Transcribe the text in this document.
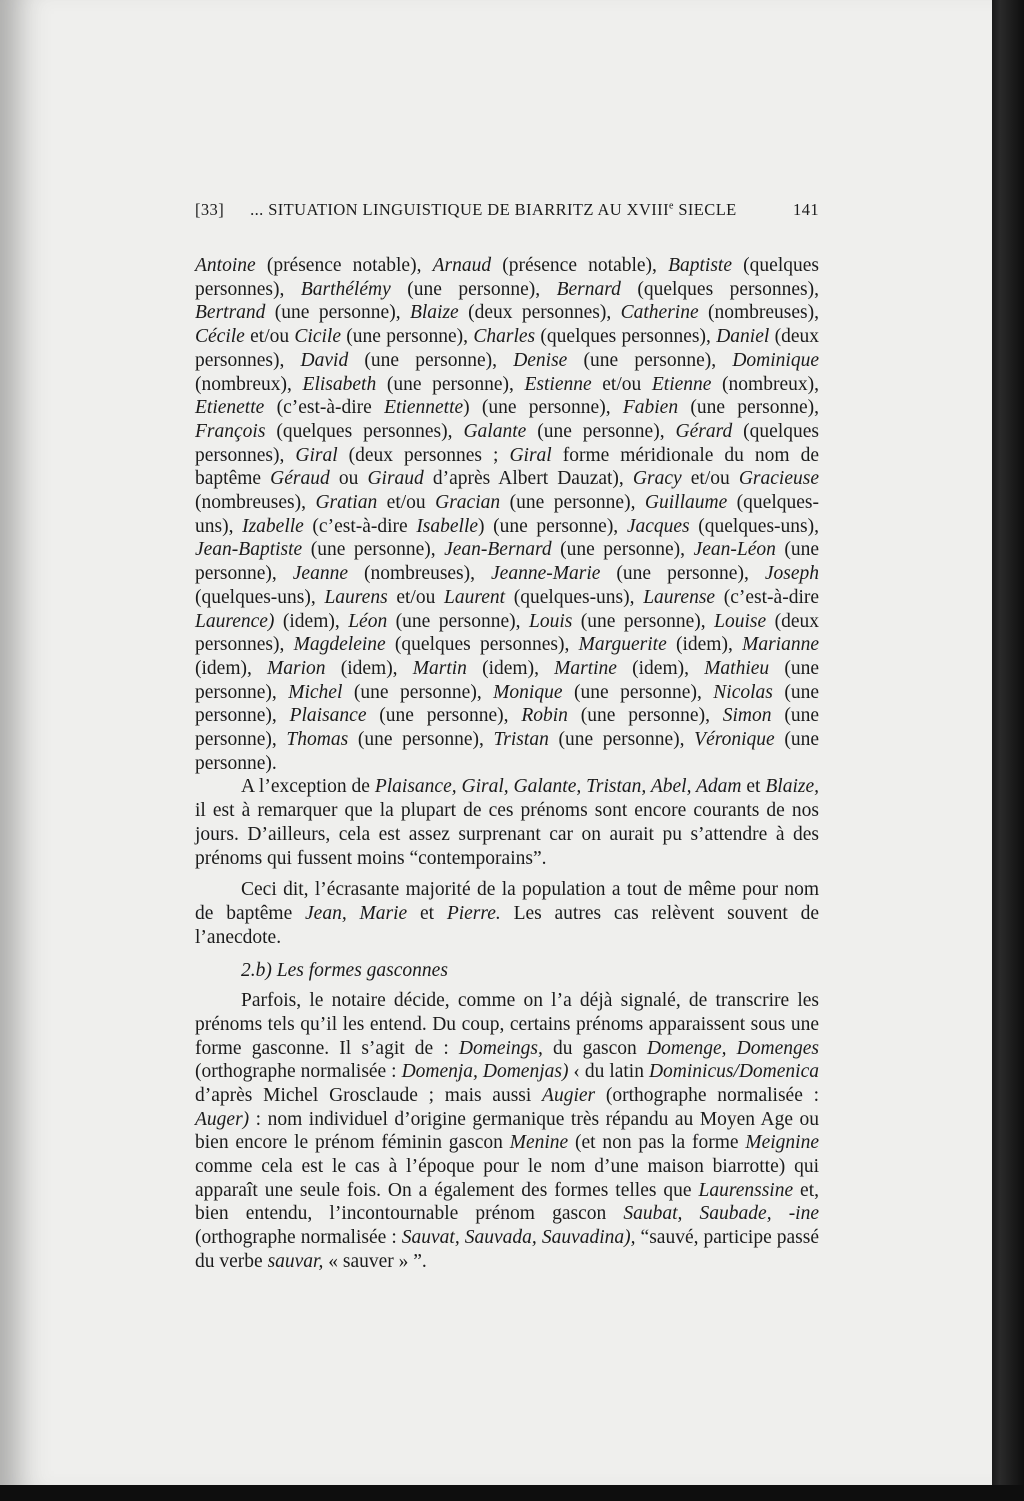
[33] ... SITUATION LINGUISTIQUE DE BIARRITZ AU XVIIIe SIECLE	141

Antoine (présence notable), Arnaud (présence notable), Baptiste (quelques personnes), Barthélémy (une personne), Bernard (quelques personnes), Bertrand (une personne), Blaize (deux personnes), Catherine (nombreuses), Cécile et/ou Cicile (une personne), Charles (quelques personnes), Daniel (deux personnes), David (une personne), Denise (une personne), Dominique (nombreux), Elisabeth (une personne), Estienne et/ou Etienne (nombreux), Etienette (c’est-à-dire Etiennette) (une personne), Fabien (une personne), François (quelques personnes), Galante (une personne), Gérard (quelques personnes), Giral (deux personnes ; Giral forme méridionale du nom de baptême Géraud ou Giraud d’après Albert Dauzat), Gracy et/ou Gracieuse (nombreuses), Gratian et/ou Gracian (une personne), Guillaume (quelques-uns), Izabelle (c’est-à-dire Isabelle) (une personne), Jacques (quelques-uns), Jean-Baptiste (une personne), Jean-Bernard (une personne), Jean-Léon (une personne), Jeanne (nombreuses), Jeanne-Marie (une personne), Joseph (quelques-uns), Laurens et/ou Laurent (quelques-uns), Laurense (c’est-à-dire Laurence) (idem), Léon (une personne), Louis (une personne), Louise (deux personnes), Magdeleine (quelques personnes), Marguerite (idem), Marianne (idem), Marion (idem), Martin (idem), Martine (idem), Mathieu (une personne), Michel (une personne), Monique (une personne), Nicolas (une personne), Plaisance (une personne), Robin (une personne), Simon (une personne), Thomas (une personne), Tristan (une personne), Véronique (une personne).

A l’exception de Plaisance, Giral, Galante, Tristan, Abel, Adam et Blaize, il est à remarquer que la plupart de ces prénoms sont encore courants de nos jours. D’ailleurs, cela est assez surprenant car on aurait pu s’attendre à des prénoms qui fussent moins “contemporains”.

Ceci dit, l’écrasante majorité de la population a tout de même pour nom de baptême Jean, Marie et Pierre. Les autres cas relèvent souvent de l’anecdote.

2.b) Les formes gasconnes

Parfois, le notaire décide, comme on l’a déjà signalé, de transcrire les prénoms tels qu’il les entend. Du coup, certains prénoms apparaissent sous une forme gasconne. Il s’agit de : Domeings, du gascon Domenge, Domenges (orthographe normalisée : Domenja, Domenjas) ‹ du latin Dominicus/Domenica d’après Michel Grosclaude ; mais aussi Augier (orthographe normalisée : Auger) : nom individuel d’origine germanique très répandu au Moyen Age ou bien encore le prénom féminin gascon Menine (et non pas la forme Meignine comme cela est le cas à l’époque pour le nom d’une maison biarrotte) qui apparaît une seule fois. On a également des formes telles que Laurenssine et, bien entendu, l’incontournable prénom gascon Saubat, Saubade, -ine (orthographe normalisée : Sauvat, Sauvada, Sauvadina), “sauvé, participe passé du verbe sauvar, « sauver » ”.
